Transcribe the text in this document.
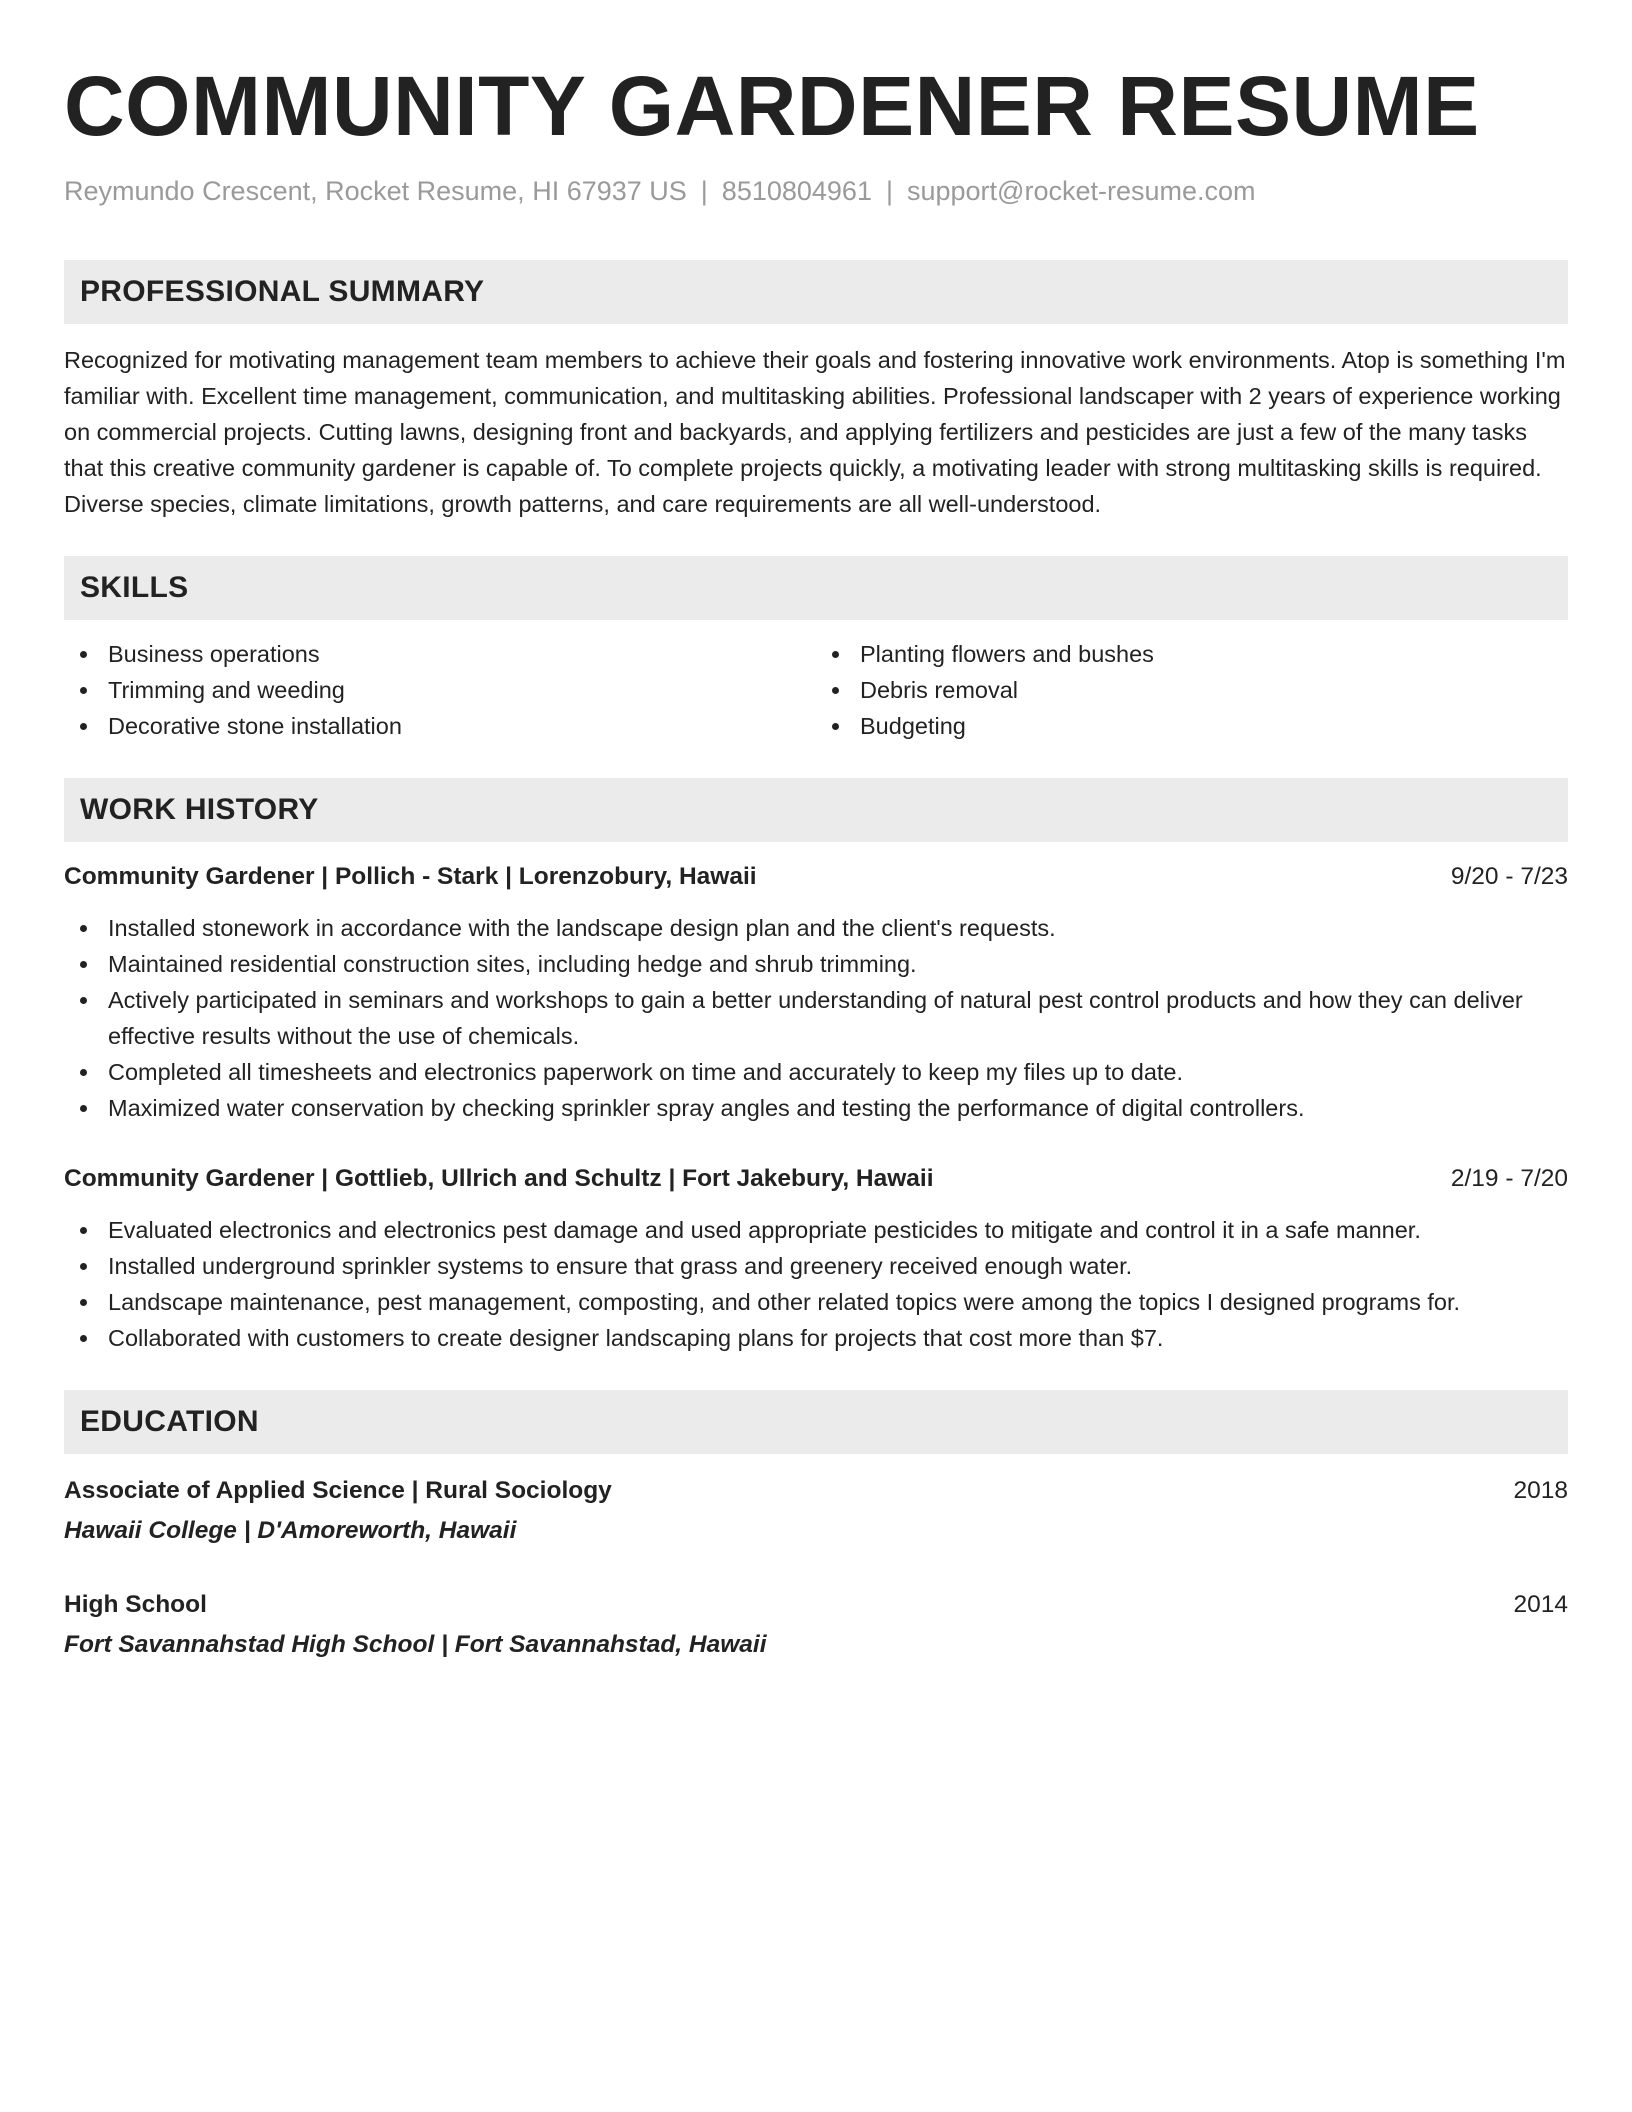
COMMUNITY GARDENER RESUME
Reymundo Crescent, Rocket Resume, HI 67937 US | 8510804961 | support@rocket-resume.com
PROFESSIONAL SUMMARY

Recognized for motivating management team members to achieve their goals and fostering innovative work environments. Atop is something I'm familiar with. Excellent time management, communication, and multitasking abilities. Professional landscaper with 2 years of experience working on commercial projects. Cutting lawns, designing front and backyards, and applying fertilizers and pesticides are just a few of the many tasks that this creative community gardener is capable of. To complete projects quickly, a motivating leader with strong multitasking skills is required. Diverse species, climate limitations, growth patterns, and care requirements are all well-understood.

SKILLS
Business operations
Trimming and weeding
Decorative stone installation
Planting flowers and bushes
Debris removal
Budgeting
WORK HISTORY
Community Gardener | Pollich - Stark | Lorenzobury, Hawaii	9/20 - 7/23
Installed stonework in accordance with the landscape design plan and the client's requests.
Maintained residential construction sites, including hedge and shrub trimming.
Actively participated in seminars and workshops to gain a better understanding of natural pest control products and how they can deliver effective results without the use of chemicals.
Completed all timesheets and electronics paperwork on time and accurately to keep my files up to date.
Maximized water conservation by checking sprinkler spray angles and testing the performance of digital controllers.
Community Gardener | Gottlieb, Ullrich and Schultz | Fort Jakebury, Hawaii	2/19 - 7/20
Evaluated electronics and electronics pest damage and used appropriate pesticides to mitigate and control it in a safe manner.
Installed underground sprinkler systems to ensure that grass and greenery received enough water.
Landscape maintenance, pest management, composting, and other related topics were among the topics I designed programs for.
Collaborated with customers to create designer landscaping plans for projects that cost more than $7.
EDUCATION
Associate of Applied Science | Rural Sociology	2018
Hawaii College | D'Amoreworth, Hawaii
High School	2014
Fort Savannahstad High School | Fort Savannahstad, Hawaii
